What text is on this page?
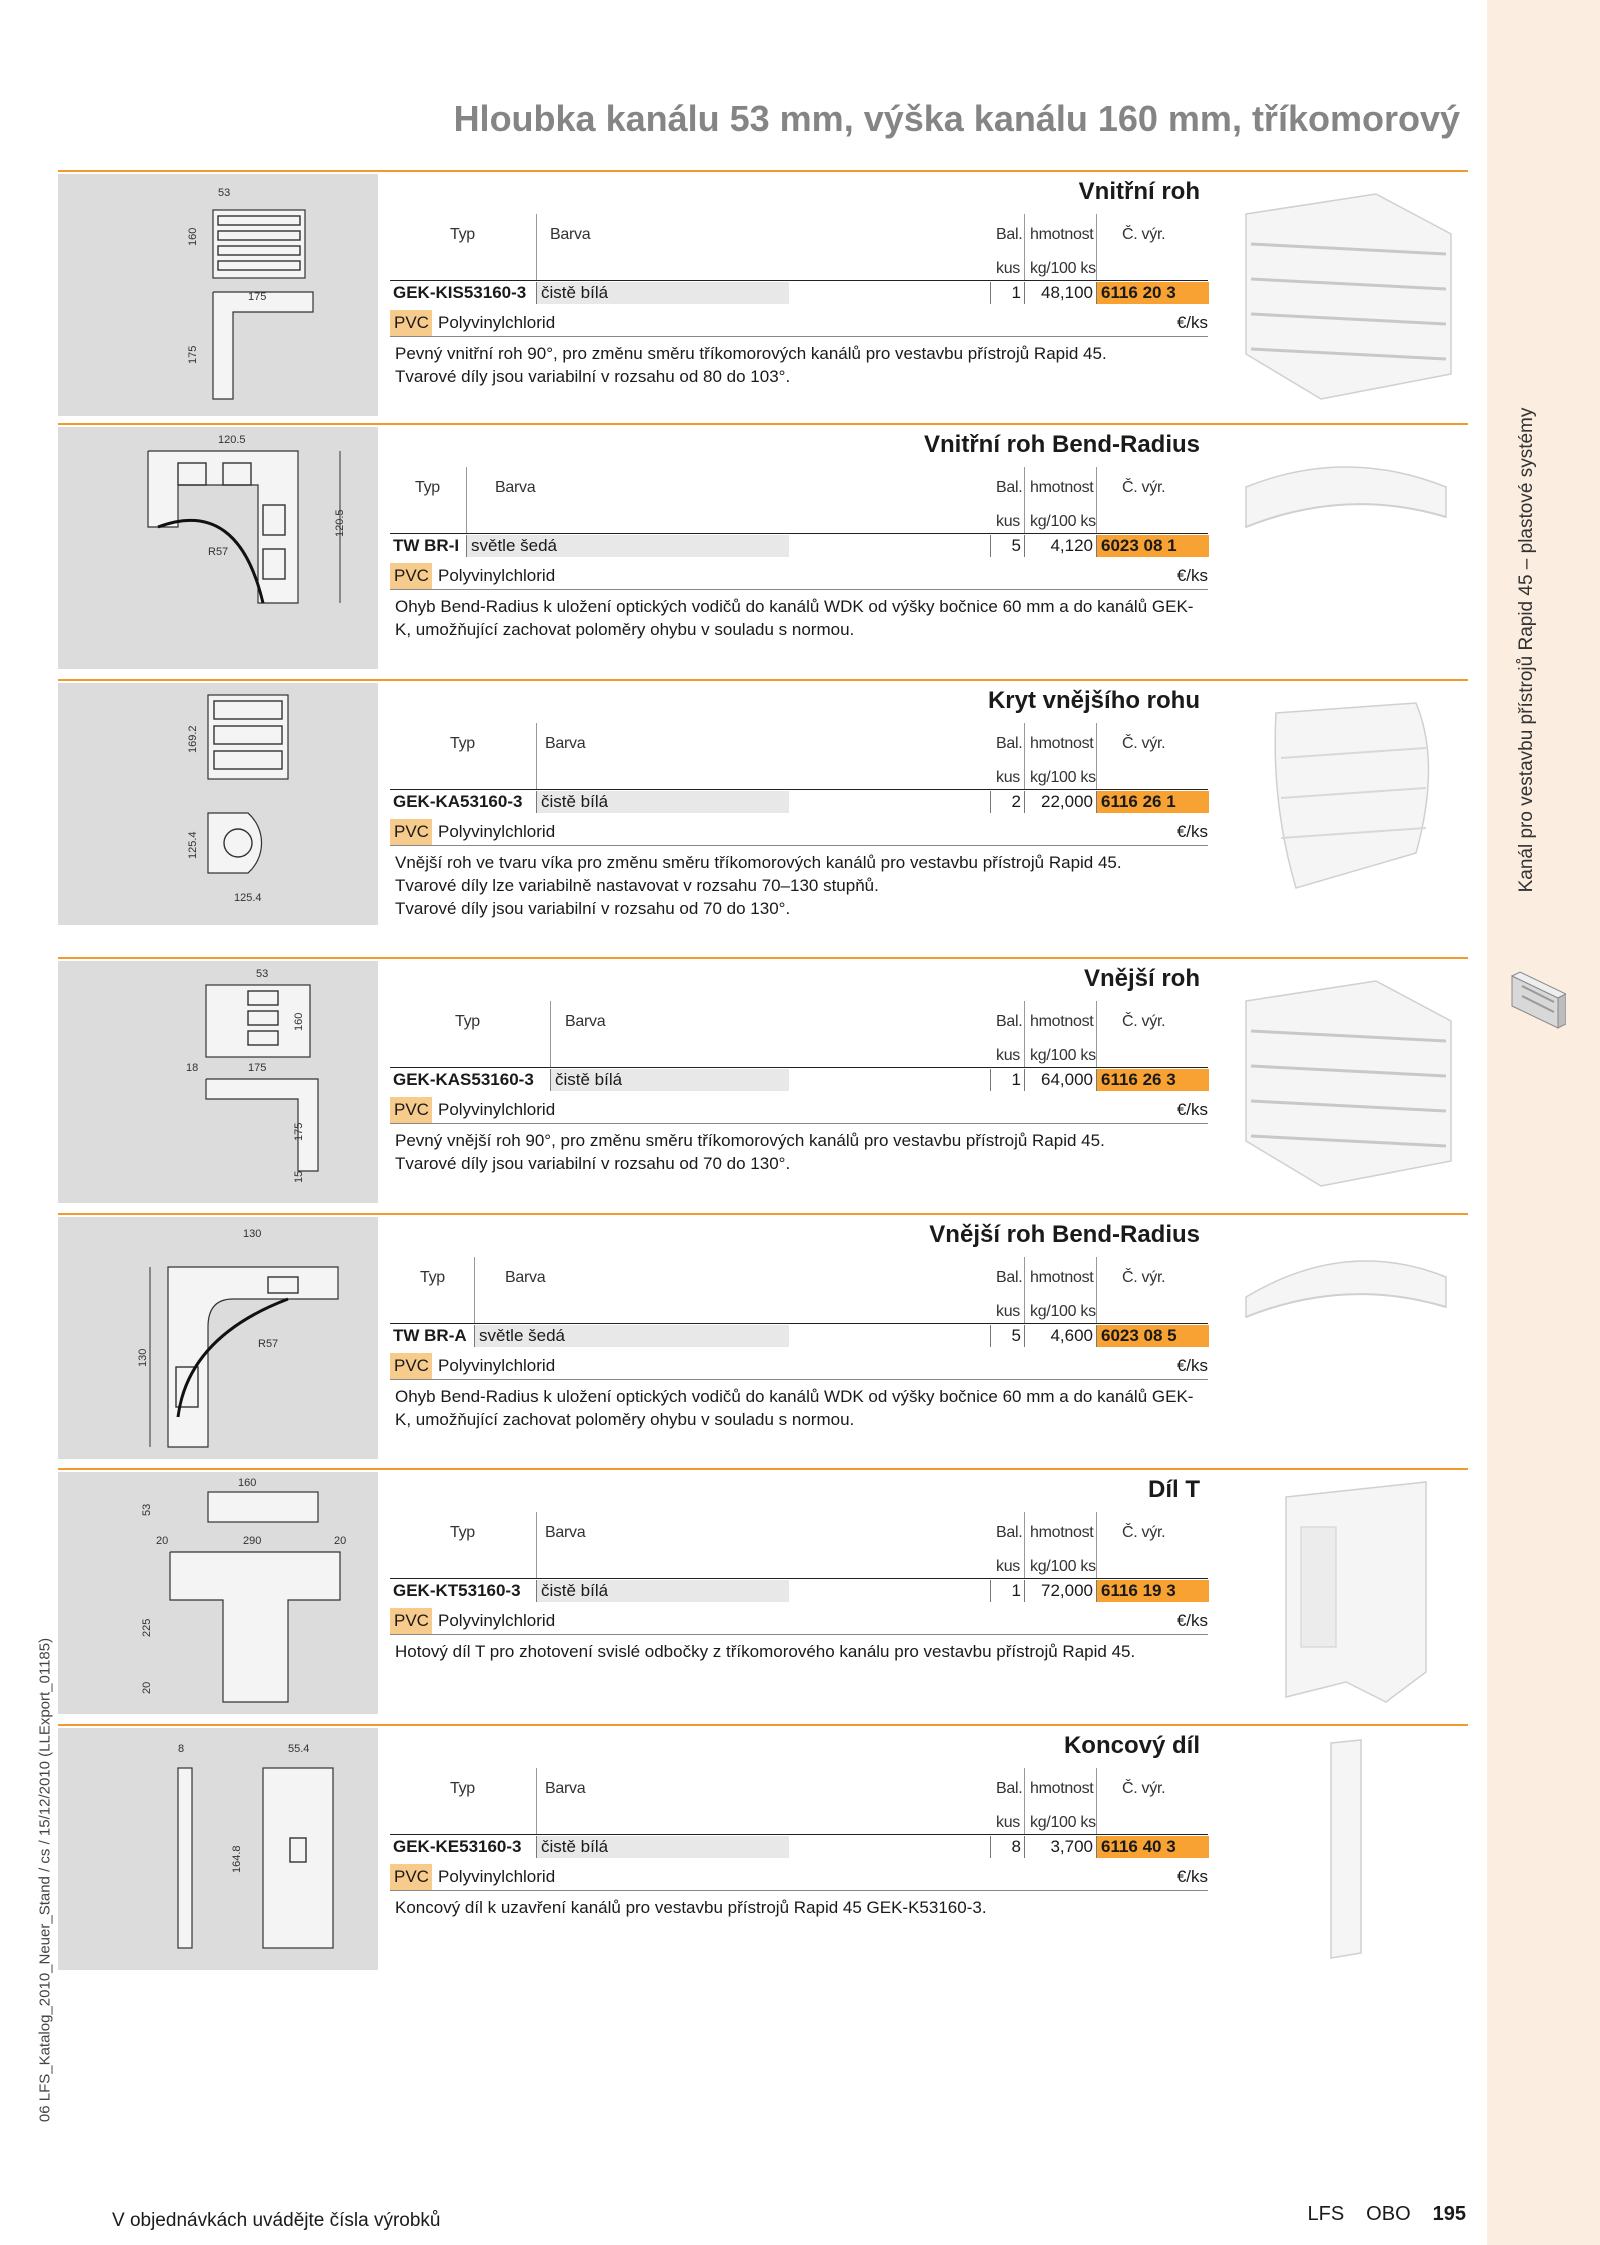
Kanál pro vestavbu přístrojů Rapid 45 – plastové systémy
06 LFS_Katalog_2010_Neuer_Stand / cs / 15/12/2010 (LLExport_01185)
Hloubka kanálu 53 mm, výška kanálu 160 mm, tříkomorový
53
160
175
175
Vnitřní roh
Typ	Barva	Bal. hmotnost Č. výr.
kus kg/100 ks
GEK-KIS53160-3 čistě bílá	1	48,100 6116 20 3
PVC Polyvinylchlorid	€/ks

Pevný vnitřní roh 90°, pro změnu směru tříkomorových kanálů pro vestavbu přístrojů Rapid 45.

Tvarové díly jsou variabilní v rozsahu od 80 do 103°.

120.5
120.5
R57
Vnitřní roh Bend-Radius
Typ	Barva	Bal. hmotnost Č. výr.
kus kg/100 ks
TW BR-I světle šedá	5	4,120 6023 08 1
PVC Polyvinylchlorid	€/ks

Ohyb Bend-Radius k uložení optických vodičů do kanálů WDK od výšky bočnice 60 mm a do kanálů GEK-K, umožňující zachovat poloměry ohybu v souladu s normou.

169.2
125.4
125.4
Kryt vnějšího rohu
Typ	Barva	Bal. hmotnost Č. výr.
kus kg/100 ks
GEK-KA53160-3 čistě bílá	2	22,000 6116 26 1
PVC Polyvinylchlorid	€/ks

Vnější roh ve tvaru víka pro změnu směru tříkomorových kanálů pro vestavbu přístrojů Rapid 45.

Tvarové díly lze variabilně nastavovat v rozsahu 70–130 stupňů.

Tvarové díly jsou variabilní v rozsahu od 70 do 130°.

53
160
18	175
175
15
Vnější roh
Typ	Barva	Bal. hmotnost Č. výr.
kus kg/100 ks
GEK-KAS53160-3 čistě bílá	1	64,000 6116 26 3
PVC Polyvinylchlorid	€/ks

Pevný vnější roh 90°, pro změnu směru tříkomorových kanálů pro vestavbu přístrojů Rapid 45.

Tvarové díly jsou variabilní v rozsahu od 70 do 130°.

130
130
R57
Vnější roh Bend-Radius
Typ	Barva	Bal. hmotnost Č. výr.
kus kg/100 ks
TW BR-A světle šedá	5	4,600 6023 08 5
PVC Polyvinylchlorid	€/ks

Ohyb Bend-Radius k uložení optických vodičů do kanálů WDK od výšky bočnice 60 mm a do kanálů GEK-K, umožňující zachovat poloměry ohybu v souladu s normou.

160
53
20	290	20
225
20
Díl T
Typ	Barva	Bal. hmotnost Č. výr.
kus kg/100 ks
GEK-KT53160-3 čistě bílá	1	72,000 6116 19 3
PVC Polyvinylchlorid	€/ks

Hotový díl T pro zhotovení svislé odbočky z tříkomorového kanálu pro vestavbu přístrojů Rapid 45.

8	55.4
164.8
Koncový díl
Typ	Barva	Bal. hmotnost Č. výr.
kus kg/100 ks
GEK-KE53160-3 čistě bílá	8	3,700 6116 40 3
PVC Polyvinylchlorid	€/ks

Koncový díl k uzavření kanálů pro vestavbu přístrojů Rapid 45 GEK-K53160-3.

V objednávkách uvádějte čísla výrobků	LFS OBO 195
